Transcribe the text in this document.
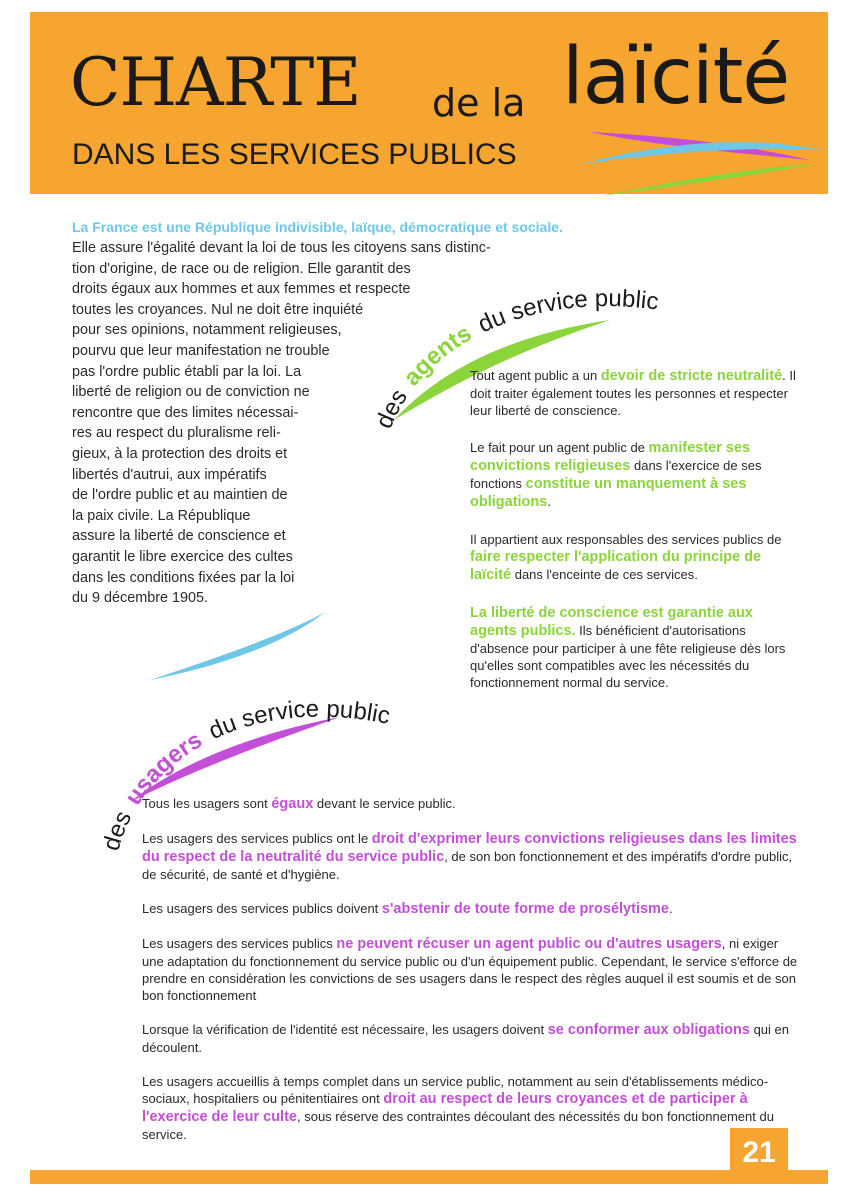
CHARTE de la laïcité
DANS LES SERVICES PUBLICS
La France est une République indivisible, laïque, démocratique et sociale.
Elle assure l'égalité devant la loi de tous les citoyens sans distinc-
tion d'origine, de race ou de religion. Elle garantit des
droits égaux aux hommes et aux femmes et respecte
toutes les croyances. Nul ne doit être inquiété
pour ses opinions, notamment religieuses,
pourvu que leur manifestation ne trouble
pas l'ordre public établi par la loi. La
liberté de religion ou de conviction ne
rencontre que des limites nécessai-
res au respect du pluralisme reli-
gieux, à la protection des droits et
libertés d'autrui, aux impératifs
de l'ordre public et au maintien de
la paix civile. La République
assure la liberté de conscience et
garantit le libre exercice des cultes
dans les conditions fixées par la loi
du 9 décembre 1905.
des agents du service public

Tout agent public a un devoir de stricte neutralité. Il doit traiter également toutes les personnes et respecter leur liberté de conscience.

Le fait pour un agent public de manifester ses convictions religieuses dans l'exercice de ses fonctions constitue un manquement à ses obligations.

Il appartient aux responsables des services publics de faire respecter l'application du principe de laïcité dans l'enceinte de ces services.

La liberté de conscience est garantie aux agents publics. Ils bénéficient d'autorisations d'absence pour participer à une fête religieuse dès lors qu'elles sont compatibles avec les nécessités du fonctionnement normal du service.

des usagers du service public

Tous les usagers sont égaux devant le service public.

Les usagers des services publics ont le droit d'exprimer leurs convictions religieuses dans les limites du respect de la neutralité du service public, de son bon fonctionnement et des impératifs d'ordre public, de sécurité, de santé et d'hygiène.

Les usagers des services publics doivent s'abstenir de toute forme de prosélytisme.

Les usagers des services publics ne peuvent récuser un agent public ou d'autres usagers, ni exiger une adaptation du fonctionnement du service public ou d'un équipement public. Cependant, le service s'efforce de prendre en considération les convictions de ses usagers dans le respect des règles auquel il est soumis et de son bon fonctionnement

Lorsque la vérification de l'identité est nécessaire, les usagers doivent se conformer aux obligations qui en découlent.

Les usagers accueillis à temps complet dans un service public, notamment au sein d'établissements médico-sociaux, hospitaliers ou pénitentiaires ont droit au respect de leurs croyances et de participer à l'exercice de leur culte, sous réserve des contraintes découlant des nécessités du bon fonctionnement du service.

21
